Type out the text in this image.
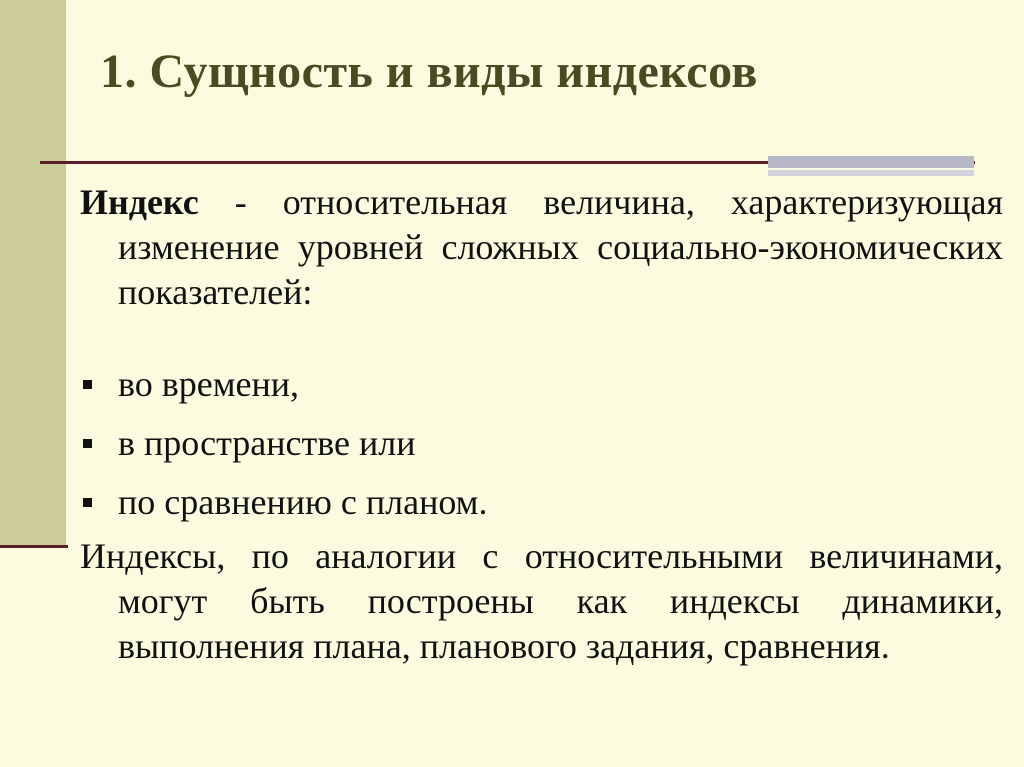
1. Сущность и виды индексов

Индекс - относительная величина, характеризующая изменение уровней сложных социально-экономических показателей:

во времени,
в пространстве или
по сравнению с планом.

Индексы, по аналогии с относительными величинами, могут быть построены как индексы динамики, выполнения плана, планового задания, сравнения.
